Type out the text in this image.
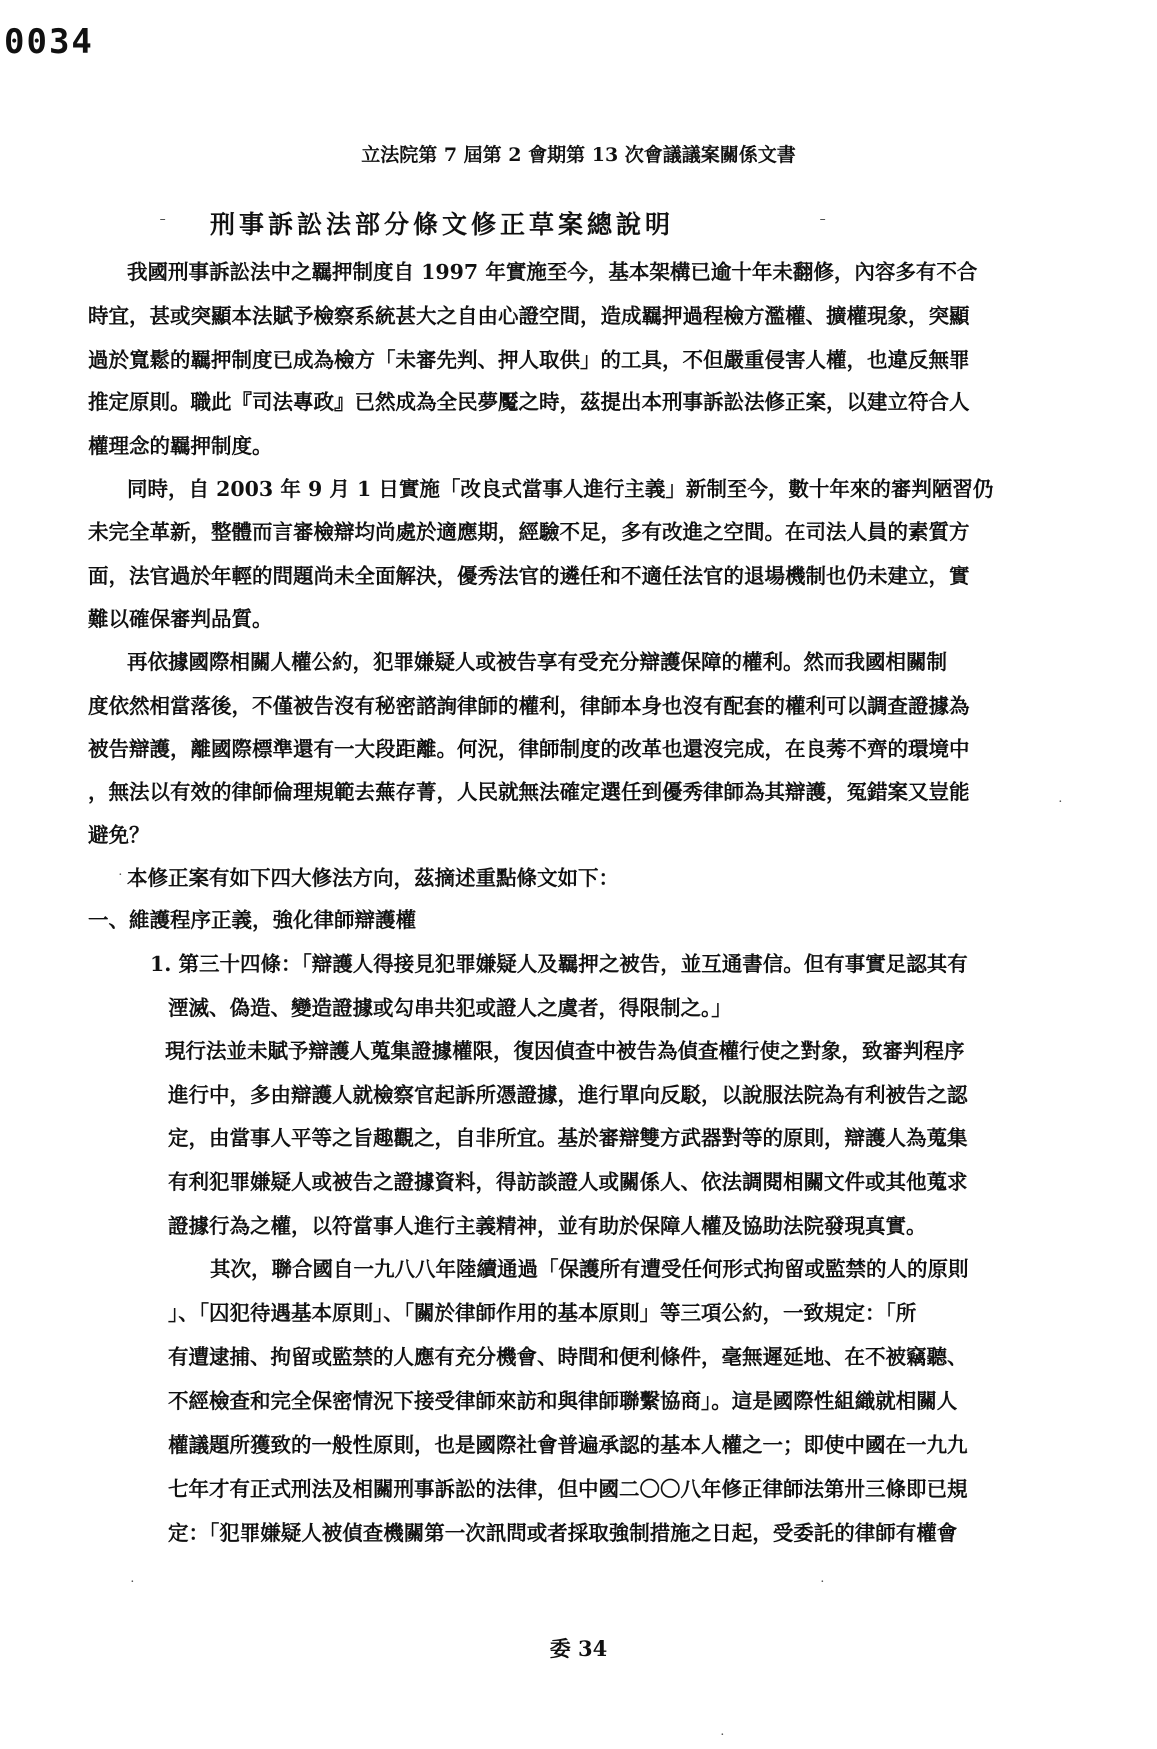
0034
立法院第 7 屆第 2 會期第 13 次會議議案關係文書
ˉ 刑事訴訟法部分條文修正草案總說明	ˉ
我國刑事訴訟法中之羈押制度自 1997 年實施至今，基本架構已逾十年未翻修，內容多有不合
時宜，甚或突顯本法賦予檢察系統甚大之自由心證空間，造成羈押過程檢方濫權、擴權現象，突顯
過於寬鬆的羈押制度已成為檢方「未審先判、押人取供」的工具，不但嚴重侵害人權，也違反無罪
推定原則。職此『司法專政』已然成為全民夢魘之時，茲提出本刑事訴訟法修正案，以建立符合人
權理念的羈押制度。
同時，自 2003 年 9 月 1 日實施「改良式當事人進行主義」新制至今，數十年來的審判陋習仍
未完全革新，整體而言審檢辯均尚處於適應期，經驗不足，多有改進之空間。在司法人員的素質方
面，法官過於年輕的問題尚未全面解決，優秀法官的遴任和不適任法官的退場機制也仍未建立，實
難以確保審判品質。
再依據國際相關人權公約，犯罪嫌疑人或被告享有受充分辯護保障的權利。然而我國相關制
度依然相當落後，不僅被告沒有秘密諮詢律師的權利，律師本身也沒有配套的權利可以調查證據為
被告辯護，離國際標準還有一大段距離。何況，律師制度的改革也還沒完成，在良莠不齊的環境中
，無法以有效的律師倫理規範去蕪存菁，人民就無法確定選任到優秀律師為其辯護，冤錯案又豈能
避免？
本修正案有如下四大修法方向，茲摘述重點條文如下：
一、維護程序正義，強化律師辯護權
1. 第三十四條：「辯護人得接見犯罪嫌疑人及羈押之被告，並互通書信。但有事實足認其有
湮滅、偽造、變造證據或勾串共犯或證人之虞者，得限制之。」
現行法並未賦予辯護人蒐集證據權限，復因偵查中被告為偵查權行使之對象，致審判程序
進行中，多由辯護人就檢察官起訴所憑證據，進行單向反駁，以說服法院為有利被告之認
定，由當事人平等之旨趣觀之，自非所宜。基於審辯雙方武器對等的原則，辯護人為蒐集
有利犯罪嫌疑人或被告之證據資料，得訪談證人或關係人、依法調閱相關文件或其他蒐求
證據行為之權，以符當事人進行主義精神，並有助於保障人權及協助法院發現真實。
其次，聯合國自一九八八年陸續通過「保護所有遭受任何形式拘留或監禁的人的原則
」、「囚犯待遇基本原則」、「關於律師作用的基本原則」等三項公約，一致規定：「所
有遭逮捕、拘留或監禁的人應有充分機會、時間和便利條件，毫無遲延地、在不被竊聽、
不經檢查和完全保密情況下接受律師來訪和與律師聯繫協商」。這是國際性組織就相關人
權議題所獲致的一般性原則，也是國際社會普遍承認的基本人權之一；即使中國在一九九
七年才有正式刑法及相關刑事訴訟的法律，但中國二〇〇八年修正律師法第卅三條即已規
定：「犯罪嫌疑人被偵查機關第一次訊問或者採取強制措施之日起，受委託的律師有權會
·
·
·	·
·
委 34
